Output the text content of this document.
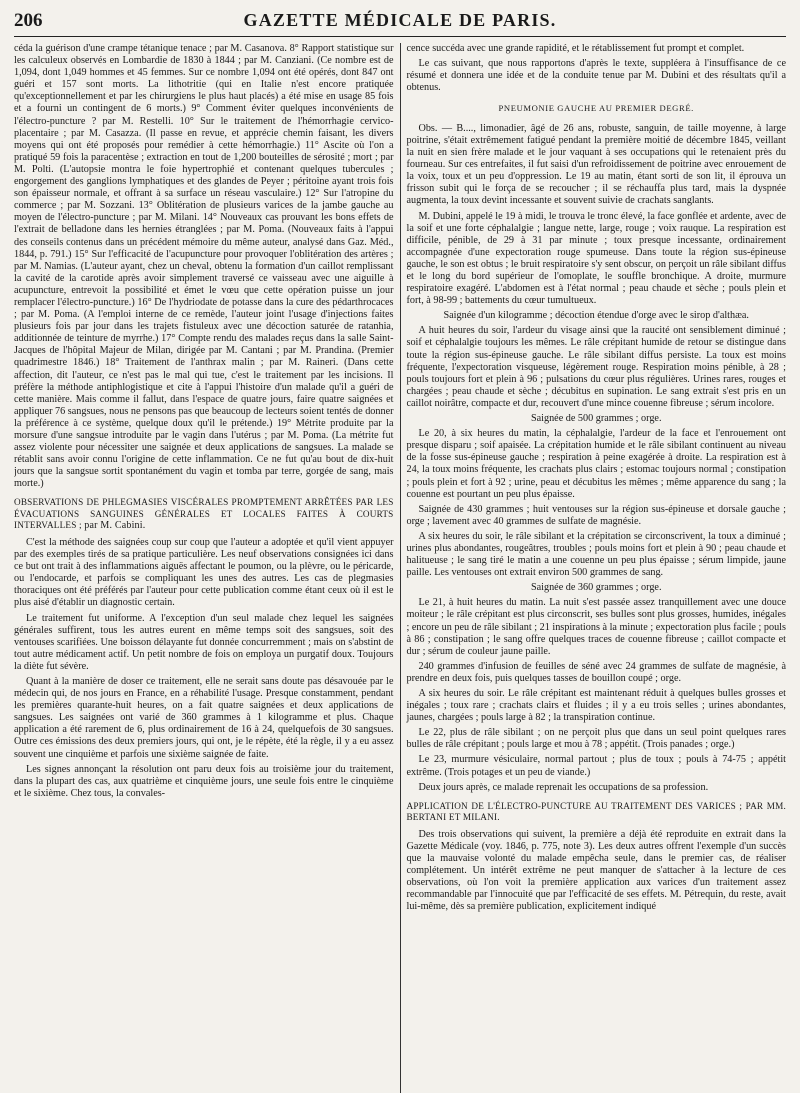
206	GAZETTE MÉDICALE DE PARIS.

céda la guérison d'une crampe tétanique tenace ; par M. Casanova. 8° Rapport statistique sur les calculeux observés en Lombardie de 1830 à 1844 ; par M. Canziani. (Ce nombre est de 1,094, dont 1,049 hommes et 45 femmes. Sur ce nombre 1,094 ont été opérés, dont 847 ont guéri et 157 sont morts. La lithotritie (qui en Italie n'est encore pratiquée qu'exceptionnellement et par les chirurgiens le plus haut placés) a été mise en usage 85 fois et a fourni un contingent de 6 morts.) 9° Comment éviter quelques inconvénients de l'électro-puncture ? par M. Restelli. 10° Sur le traitement de l'hémorrhagie cervico-placentaire ; par M. Casazza. (Il passe en revue, et apprécie chemin faisant, les divers moyens qui ont été proposés pour remédier à cette hémorrhagie.) 11° Ascite où l'on a pratiqué 59 fois la paracentèse ; extraction en tout de 1,200 bouteilles de sérosité ; mort ; par M. Polti. (L'autopsie montra le foie hypertrophié et contenant quelques tubercules ; engorgement des ganglions lymphatiques et des glandes de Peyer ; péritoine ayant trois fois son épaisseur normale, et offrant à sa surface un réseau vasculaire.) 12° Sur l'atropine du commerce ; par M. Sozzani. 13° Oblitération de plusieurs varices de la jambe gauche au moyen de l'électro-puncture ; par M. Milani. 14° Nouveaux cas prouvant les bons effets de l'extrait de belladone dans les hernies étranglées ; par M. Poma. (Nouveaux faits à l'appui des conseils contenus dans un précédent mémoire du même auteur, analysé dans Gaz. Méd., 1844, p. 791.) 15° Sur l'efficacité de l'acupuncture pour provoquer l'oblitération des artères ; par M. Namias. (L'auteur ayant, chez un cheval, obtenu la formation d'un caillot remplissant la cavité de la carotide après avoir simplement traversé ce vaisseau avec une aiguille à acupuncture, entrevoit la possibilité et émet le vœu que cette opération puisse un jour remplacer l'électro-puncture.) 16° De l'hydriodate de potasse dans la cure des pédarthrocaces ; par M. Poma. (A l'emploi interne de ce remède, l'auteur joint l'usage d'injections faites plusieurs fois par jour dans les trajets fistuleux avec une décoction saturée de ratanhia, additionnée de teinture de myrrhe.) 17° Compte rendu des malades reçus dans la salle Saint-Jacques de l'hôpital Majeur de Milan, dirigée par M. Cantani ; par M. Prandina. (Premier quadrimestre 1846.) 18° Traitement de l'anthrax malin ; par M. Raineri. (Dans cette affection, dit l'auteur, ce n'est pas le mal qui tue, c'est le traitement par les incisions. Il préfère la méthode antiphlogistique et cite à l'appui l'histoire d'un malade qu'il a guéri de cette manière. Mais comme il fallut, dans l'espace de quatre jours, faire quatre saignées et appliquer 76 sangsues, nous ne pensons pas que beaucoup de lecteurs soient tentés de donner la préférence à ce système, quelque doux qu'il le prétende.) 19° Métrite produite par la morsure d'une sangsue introduite par le vagin dans l'utérus ; par M. Poma. (La métrite fut assez violente pour nécessiter une saignée et deux applications de sangsues. La malade se rétablit sans avoir connu l'origine de cette inflammation. Ce ne fut qu'au bout de dix-huit jours que la sangsue sortit spontanément du vagin et tomba par terre, gorgée de sang, mais morte.)

OBSERVATIONS DE PHLEGMASIES VISCÉRALES PROMPTEMENT ARRÊTÉES PAR LES ÉVACUATIONS SANGUINES GÉNÉRALES ET LOCALES FAITES À COURTS INTERVALLES ; par M. Cabini.

C'est la méthode des saignées coup sur coup que l'auteur a adoptée et qu'il vient appuyer par des exemples tirés de sa pratique particulière. Les neuf observations consignées ici dans ce but ont trait à des inflammations aiguës affectant le poumon, ou la plèvre, ou le péricarde, ou l'endocarde, et parfois se compliquant les unes des autres. Les cas de plegmasies thoraciques ont été préférés par l'auteur pour cette publication comme étant ceux où il est le plus aisé d'établir un diagnostic certain.

Le traitement fut uniforme. A l'exception d'un seul malade chez lequel les saignées générales suffirent, tous les autres eurent en même temps soit des sangsues, soit des ventouses scarifiées. Une boisson délayante fut donnée concurremment ; mais on s'abstint de tout autre médicament actif. Un petit nombre de fois on employa un purgatif doux. Toujours la diète fut sévère.

Quant à la manière de doser ce traitement, elle ne serait sans doute pas désavouée par le médecin qui, de nos jours en France, en a réhabilité l'usage. Presque constamment, pendant les premières quarante-huit heures, on a fait quatre saignées et deux applications de sangsues. Les saignées ont varié de 360 grammes à 1 kilogramme et plus. Chaque application a été rarement de 6, plus ordinairement de 16 à 24, quelquefois de 30 sangsues. Outre ces émissions des deux premiers jours, qui ont, je le répète, été la règle, il y a eu assez souvent une cinquième et parfois une sixième saignée de faite.

Les signes annonçant la résolution ont paru deux fois au troisième jour du traitement, dans la plupart des cas, aux quatrième et cinquième jours, une seule fois entre le cinquième et le sixième. Chez tous, la convales-

cence succéda avec une grande rapidité, et le rétablissement fut prompt et complet.

Le cas suivant, que nous rapportons d'après le texte, suppléera à l'insuffisance de ce résumé et donnera une idée et de la conduite tenue par M. Dubini et des résultats qu'il a obtenus.

PNEUMONIE GAUCHE AU PREMIER DEGRÉ.

Obs. — B...., limonadier, âgé de 26 ans, robuste, sanguin, de taille moyenne, à large poitrine, s'était extrêmement fatigué pendant la première moitié de décembre 1845, veillant la nuit en sien frère malade et le jour vaquant à ses occupations qui le retenaient près du fourneau. Sur ces entrefaites, il fut saisi d'un refroidissement de poitrine avec enrouement de la voix, toux et un peu d'oppression. Le 19 au matin, étant sorti de son lit, il éprouva un frisson subit qui le força de se recoucher ; il se réchauffa plus tard, mais la dyspnée augmenta, la toux devint incessante et souvent suivie de crachats sanglants.

M. Dubini, appelé le 19 à midi, le trouva le tronc élevé, la face gonflée et ardente, avec de la soif et une forte céphalalgie ; langue nette, large, rouge ; voix rauque. La respiration est difficile, pénible, de 29 à 31 par minute ; toux presque incessante, ordinairement accompagnée d'une expectoration rouge spumeuse. Dans toute la région sus-épineuse gauche, le son est obtus ; le bruit respiratoire s'y sent obscur, on perçoit un râle sibilant diffus et le long du bord supérieur de l'omoplate, le souffle bronchique. A droite, murmure respiratoire exagéré. L'abdomen est à l'état normal ; peau chaude et sèche ; pouls plein et fort, à 98-99 ; battements du cœur tumultueux.

Saignée d'un kilogramme ; décoction étendue d'orge avec le sirop d'althæa.

A huit heures du soir, l'ardeur du visage ainsi que la raucité ont sensiblement diminué ; soif et céphalalgie toujours les mêmes. Le râle crépitant humide de retour se distingue dans toute la région sus-épineuse gauche. Le râle sibilant diffus persiste. La toux est moins fréquente, l'expectoration visqueuse, légèrement rouge. Respiration moins pénible, à 28 ; pouls toujours fort et plein à 96 ; pulsations du cœur plus régulières. Urines rares, rouges et chargées ; peau chaude et sèche ; décubitus en supination. Le sang extrait s'est pris en un caillot noirâtre, compacte et dur, recouvert d'une mince couenne fibreuse ; sérum incolore.

Saignée de 500 grammes ; orge.

Le 20, à six heures du matin, la céphalalgie, l'ardeur de la face et l'enrouement ont presque disparu ; soif apaisée. La crépitation humide et le râle sibilant continuent au niveau de la fosse sus-épineuse gauche ; respiration à peine exagérée à droite. La respiration est à 24, la toux moins fréquente, les crachats plus clairs ; estomac toujours normal ; constipation ; pouls plein et fort à 92 ; urine, peau et décubitus les mêmes ; même apparence du sang ; la couenne est pourtant un peu plus épaisse.

Saignée de 430 grammes ; huit ventouses sur la région sus-épineuse et dorsale gauche ; orge ; lavement avec 40 grammes de sulfate de magnésie.

A six heures du soir, le râle sibilant et la crépitation se circonscrivent, la toux a diminué ; urines plus abondantes, rougeâtres, troubles ; pouls moins fort et plein à 90 ; peau chaude et halitueuse ; le sang tiré le matin a une couenne un peu plus épaisse ; sérum limpide, jaune paille. Les ventouses ont extrait environ 500 grammes de sang.

Saignée de 360 grammes ; orge.

Le 21, à huit heures du matin. La nuit s'est passée assez tranquillement avec une douce moiteur ; le râle crépitant est plus circonscrit, ses bulles sont plus grosses, humides, inégales ; encore un peu de râle sibilant ; 21 inspirations à la minute ; expectoration plus facile ; pouls à 86 ; constipation ; le sang offre quelques traces de couenne fibreuse ; caillot compacte et dur ; sérum de couleur jaune paille.

240 grammes d'infusion de feuilles de séné avec 24 grammes de sulfate de magnésie, à prendre en deux fois, puis quelques tasses de bouillon coupé ; orge.

A six heures du soir. Le râle crépitant est maintenant réduit à quelques bulles grosses et inégales ; toux rare ; crachats clairs et fluides ; il y a eu trois selles ; urines abondantes, jaunes, chargées ; pouls large à 82 ; la transpiration continue.

Le 22, plus de râle sibilant ; on ne perçoit plus que dans un seul point quelques rares bulles de râle crépitant ; pouls large et mou à 78 ; appétit. (Trois panades ; orge.)

Le 23, murmure vésiculaire, normal partout ; plus de toux ; pouls à 74-75 ; appétit extrême. (Trois potages et un peu de viande.)

Deux jours après, ce malade reprenait les occupations de sa profession.

APPLICATION DE L'ÉLECTRO-PUNCTURE AU TRAITEMENT DES VARICES ; PAR MM. BERTANI ET MILANI.

Des trois observations qui suivent, la première a déjà été reproduite en extrait dans la Gazette Médicale (voy. 1846, p. 775, note 3). Les deux autres offrent l'exemple d'un succès que la mauvaise volonté du malade empêcha seule, dans le premier cas, de réaliser complétement. Un intérêt extrême ne peut manquer de s'attacher à la lecture de ces observations, où l'on voit la première application aux varices d'un traitement assez recommandable par l'innocuité que par l'efficacité de ses effets. M. Pétrequin, du reste, avait lui-même, dès sa première publication, explicitement indiqué
